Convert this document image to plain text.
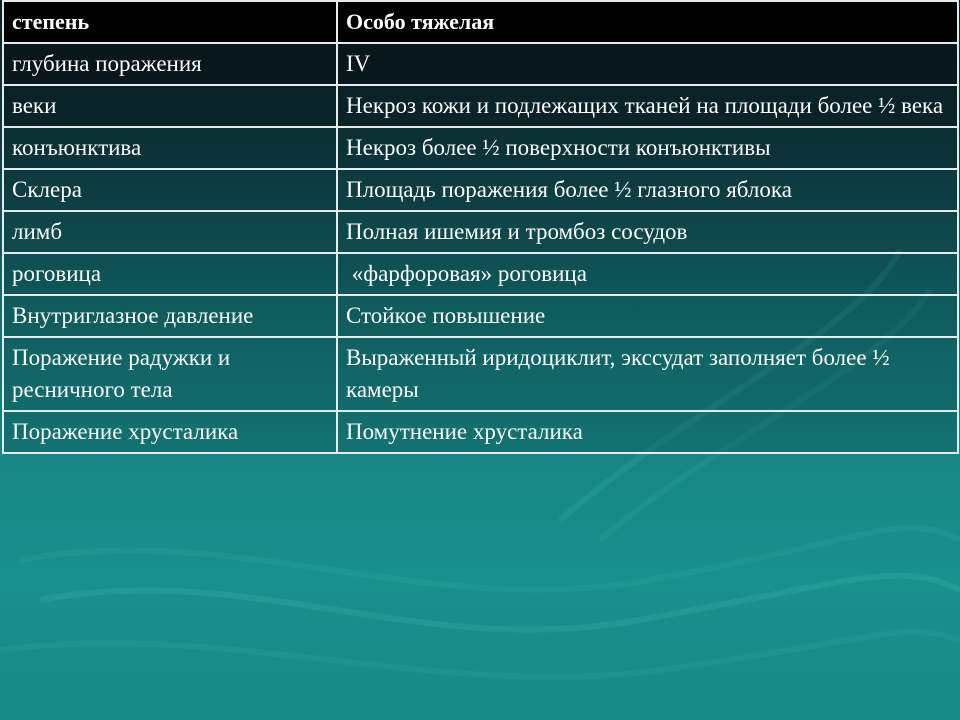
степень	Особо тяжелая
глубина поражения	IV
веки	Некроз кожи и подлежащих тканей на площади более ½ века
конъюнктива	Некроз более ½ поверхности конъюнктивы
Склера	Площадь поражения более ½ глазного яблока
лимб	Полная ишемия и тромбоз сосудов
роговица	«фарфоровая» роговица
Внутриглазное давление	Стойкое повышение
Поражение радужки и ресничного тела	Выраженный иридоциклит, экссудат заполняет более ½ камеры
Поражение хрусталика	Помутнение хрусталика
